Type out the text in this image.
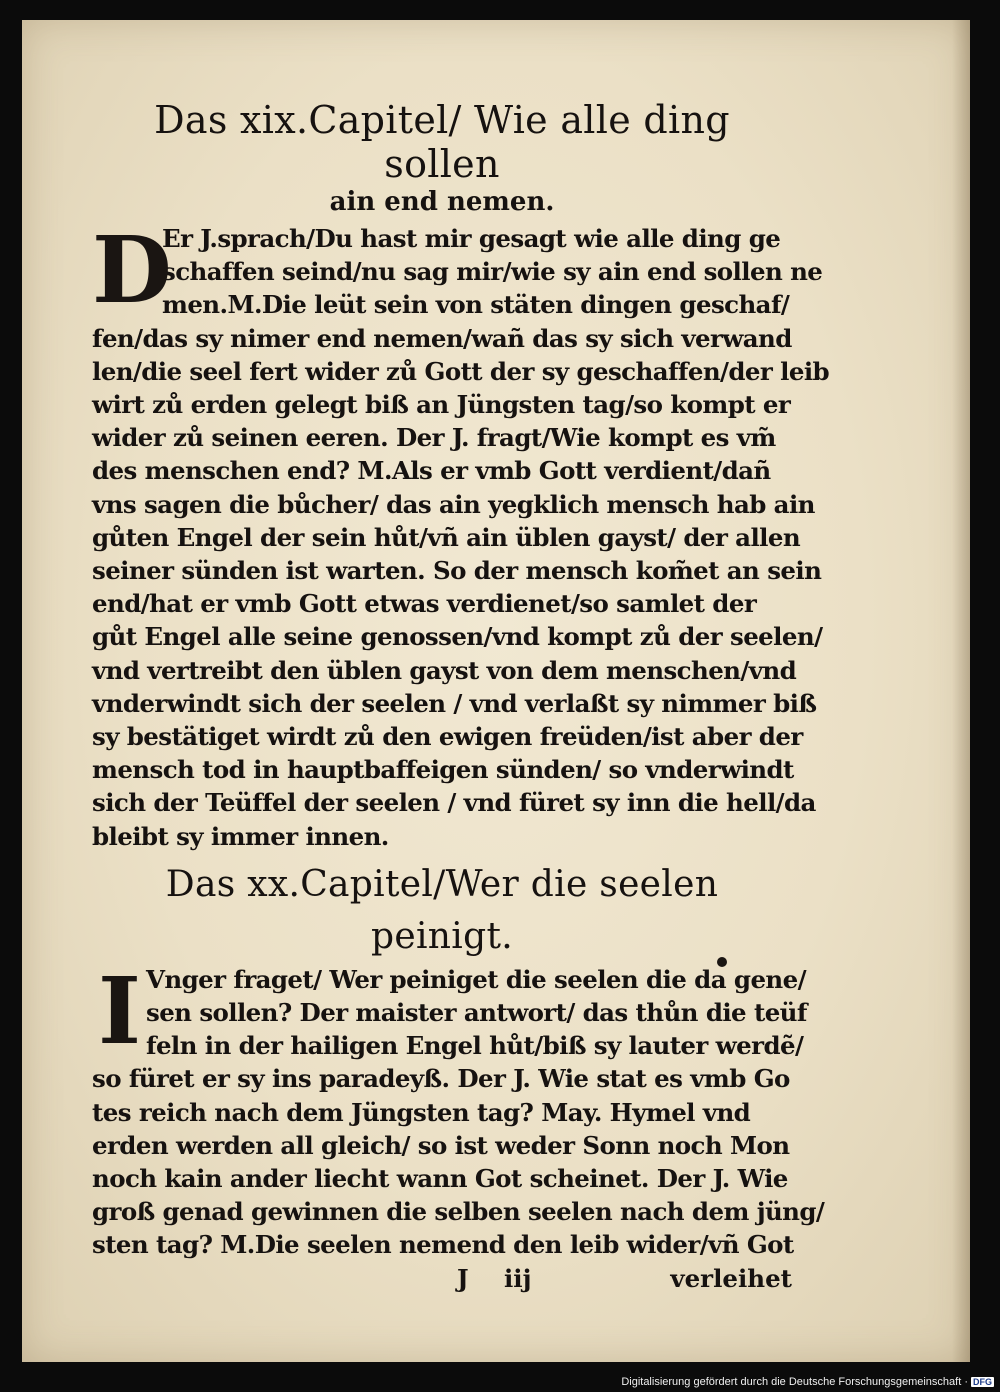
Das xix.Capitel/ Wie alle ding sollen
ain end nemen.
D
Er J.sprach/Du hast mir gesagt wie alle ding ge
schaffen seind/nu sag mir/wie sy ain end sollen ne
men.M.Die leüt sein von stäten dingen geschaf/
fen/das sy nimer end nemen/wañ das sy sich verwand
len/die seel fert wider zů Gott der sy geschaffen/der leib
wirt zů erden gelegt biß an Jüngsten tag/so kompt er
wider zů seinen eeren. Der J. fragt/Wie kompt es vm̃
des menschen end? M.Als er vmb Gott verdient/dañ
vns sagen die bůcher/ das ain yegklich mensch hab ain
gůten Engel der sein hůt/vñ ain üblen gayst/ der allen
seiner sünden ist warten. So der mensch kom̃et an sein
end/hat er vmb Gott etwas verdienet/so samlet der
gůt Engel alle seine genossen/vnd kompt zů der seelen/
vnd vertreibt den üblen gayst von dem menschen/vnd
vnderwindt sich der seelen / vnd verlaßt sy nimmer biß
sy bestätiget wirdt zů den ewigen freüden/ist aber der
mensch tod in hauptbaffeigen sünden/ so vnderwindt
sich der Teüffel der seelen / vnd füret sy inn die hell/da
bleibt sy immer innen.
Das xx.Capitel/Wer die seelen peinigt.
I Vnger fraget/ Wer peiniget die seelen die da gene/
sen sollen? Der maister antwort/ das thůn die teüf
feln in der hailigen Engel hůt/biß sy lauter werdẽ/
so füret er sy ins paradeyß. Der J. Wie stat es vmb Go
tes reich nach dem Jüngsten tag? May. Hymel vnd
erden werden all gleich/ so ist weder Sonn noch Mon
noch kain ander liecht wann Got scheinet. Der J. Wie
groß genad gewinnen die selben seelen nach dem jüng/
sten tag? M.Die seelen nemend den leib wider/vñ Got
J iij	verleihet
Digitalisierung gefördert durch die Deutsche Forschungsgemeinschaft · DFG
